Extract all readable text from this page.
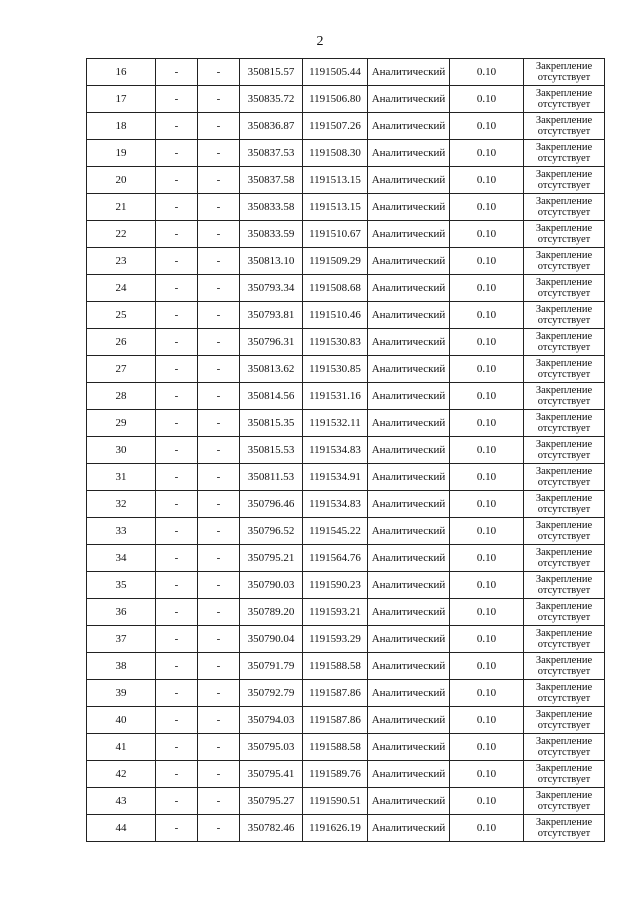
2
16	-	-	350815.57	1191505.44	Аналитический	0.10	Закрепление
отсутствует

17	-	-	350835.72	1191506.80	Аналитический	0.10	Закрепление
отсутствует

18	-	-	350836.87	1191507.26	Аналитический	0.10	Закрепление
отсутствует

19	-	-	350837.53	1191508.30	Аналитический	0.10	Закрепление
отсутствует

20	-	-	350837.58	1191513.15	Аналитический	0.10	Закрепление
отсутствует

21	-	-	350833.58	1191513.15	Аналитический	0.10	Закрепление
отсутствует

22	-	-	350833.59	1191510.67	Аналитический	0.10	Закрепление
отсутствует

23	-	-	350813.10	1191509.29	Аналитический	0.10	Закрепление
отсутствует

24	-	-	350793.34	1191508.68	Аналитический	0.10	Закрепление
отсутствует

25	-	-	350793.81	1191510.46	Аналитический	0.10	Закрепление
отсутствует

26	-	-	350796.31	1191530.83	Аналитический	0.10	Закрепление
отсутствует

27	-	-	350813.62	1191530.85	Аналитический	0.10	Закрепление
отсутствует

28	-	-	350814.56	1191531.16	Аналитический	0.10	Закрепление
отсутствует

29	-	-	350815.35	1191532.11	Аналитический	0.10	Закрепление
отсутствует

30	-	-	350815.53	1191534.83	Аналитический	0.10	Закрепление
отсутствует

31	-	-	350811.53	1191534.91	Аналитический	0.10	Закрепление
отсутствует

32	-	-	350796.46	1191534.83	Аналитический	0.10	Закрепление
отсутствует

33	-	-	350796.52	1191545.22	Аналитический	0.10	Закрепление
отсутствует

34	-	-	350795.21	1191564.76	Аналитический	0.10	Закрепление
отсутствует

35	-	-	350790.03	1191590.23	Аналитический	0.10	Закрепление
отсутствует

36	-	-	350789.20	1191593.21	Аналитический	0.10	Закрепление
отсутствует

37	-	-	350790.04	1191593.29	Аналитический	0.10	Закрепление
отсутствует

38	-	-	350791.79	1191588.58	Аналитический	0.10	Закрепление
отсутствует

39	-	-	350792.79	1191587.86	Аналитический	0.10	Закрепление
отсутствует

40	-	-	350794.03	1191587.86	Аналитический	0.10	Закрепление
отсутствует

41	-	-	350795.03	1191588.58	Аналитический	0.10	Закрепление
отсутствует

42	-	-	350795.41	1191589.76	Аналитический	0.10	Закрепление
отсутствует

43	-	-	350795.27	1191590.51	Аналитический	0.10	Закрепление
отсутствует

44	-	-	350782.46	1191626.19	Аналитический	0.10	Закрепление
отсутствует
